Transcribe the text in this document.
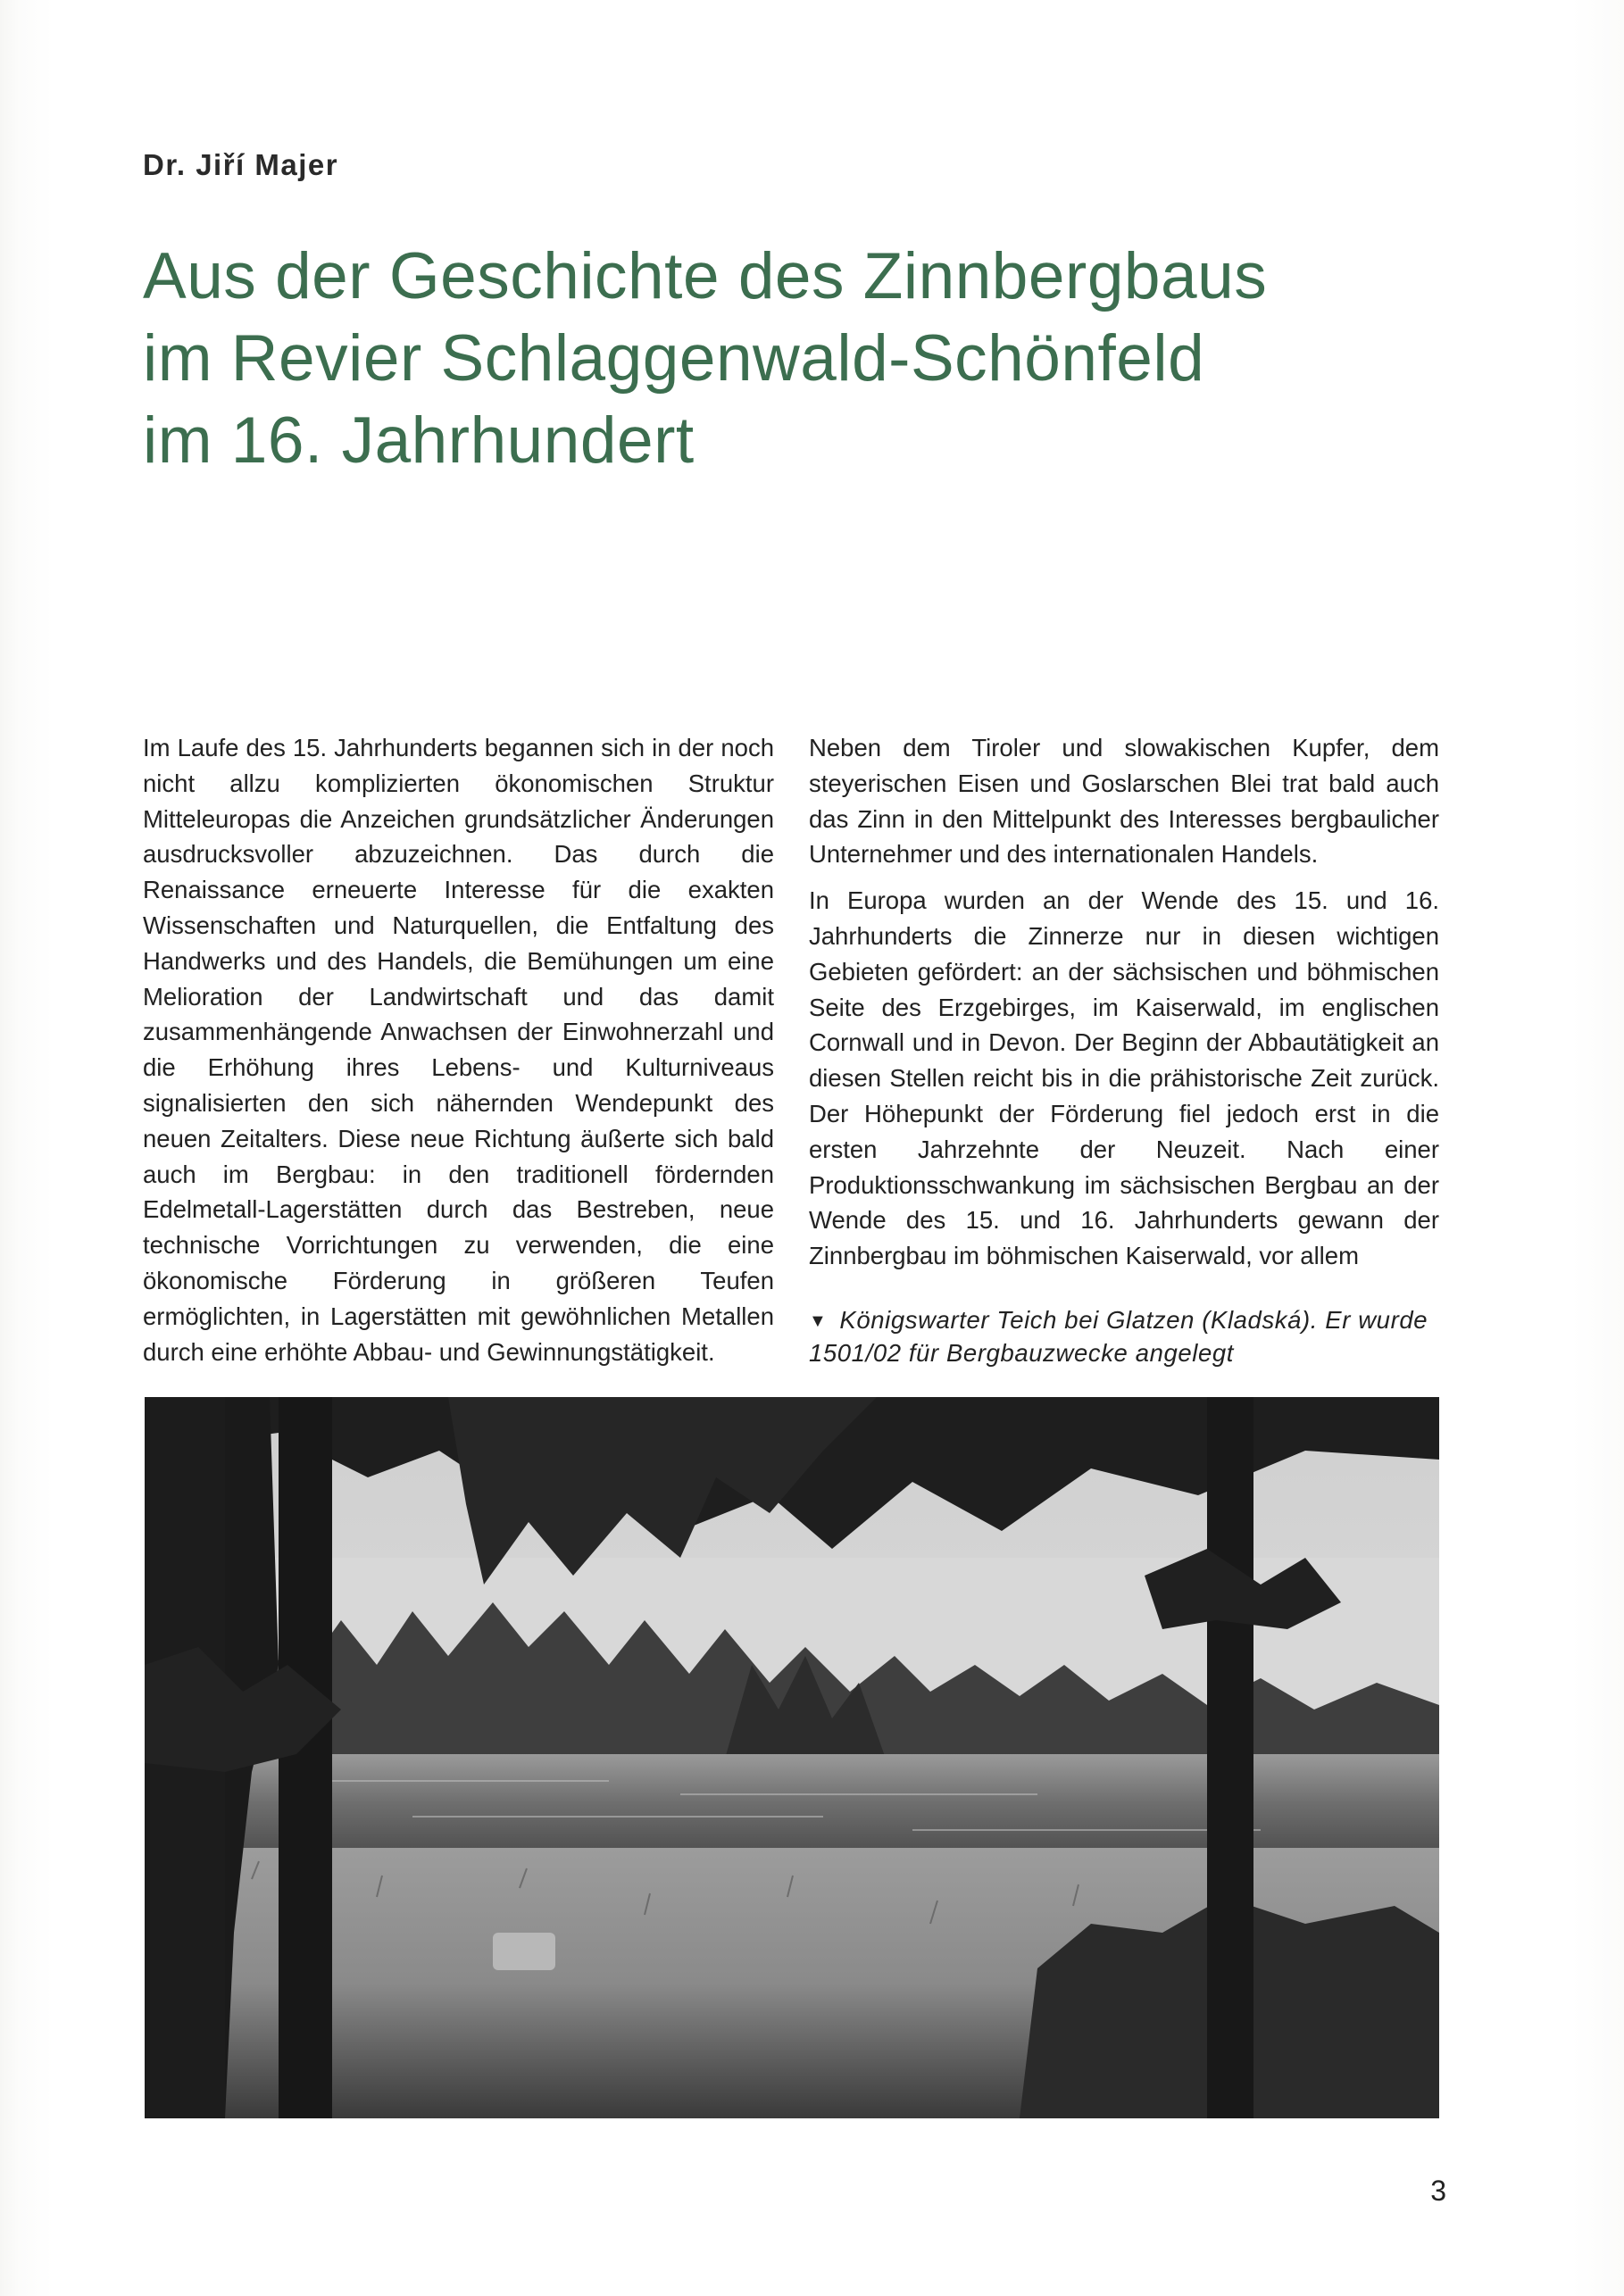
Dr. Jiří Majer
Aus der Geschichte des Zinnbergbaus
im Revier Schlaggenwald-Schönfeld
im 16. Jahrhundert

Im Laufe des 15. Jahrhunderts begannen sich in der noch nicht allzu komplizierten ökonomischen Struktur Mitteleuropas die Anzeichen grundsätzlicher Änderungen ausdrucksvoller abzuzeichnen. Das durch die Renaissance erneuerte Interesse für die exakten Wissenschaften und Naturquellen, die Entfaltung des Handwerks und des Handels, die Bemühungen um eine Melioration der Landwirtschaft und das damit zusammenhängende Anwachsen der Einwohnerzahl und die Erhöhung ihres Lebens- und Kulturniveaus signalisierten den sich nähernden Wendepunkt des neuen Zeitalters. Diese neue Richtung äußerte sich bald auch im Bergbau: in den traditionell fördernden Edelmetall-Lagerstätten durch das Bestreben, neue technische Vorrichtungen zu verwenden, die eine ökonomische Förderung in größeren Teufen ermöglichten, in Lagerstätten mit gewöhnlichen Metallen durch eine erhöhte Abbau- und Gewinnungstätigkeit.

Neben dem Tiroler und slowakischen Kupfer, dem steyerischen Eisen und Goslarschen Blei trat bald auch das Zinn in den Mittelpunkt des Interesses bergbaulicher Unternehmer und des internationalen Handels.

In Europa wurden an der Wende des 15. und 16. Jahrhunderts die Zinnerze nur in diesen wichtigen Gebieten gefördert: an der sächsischen und böhmischen Seite des Erzgebirges, im Kaiserwald, im englischen Cornwall und in Devon. Der Beginn der Abbautätigkeit an diesen Stellen reicht bis in die prähistorische Zeit zurück. Der Höhepunkt der Förderung fiel jedoch erst in die ersten Jahrzehnte der Neuzeit. Nach einer Produktionsschwankung im sächsischen Bergbau an der Wende des 15. und 16. Jahrhunderts gewann der Zinnbergbau im böhmischen Kaiserwald, vor allem

▼ Königswarter Teich bei Glatzen (Kladská). Er wurde 1501/02 für Bergbauzwecke angelegt
3
